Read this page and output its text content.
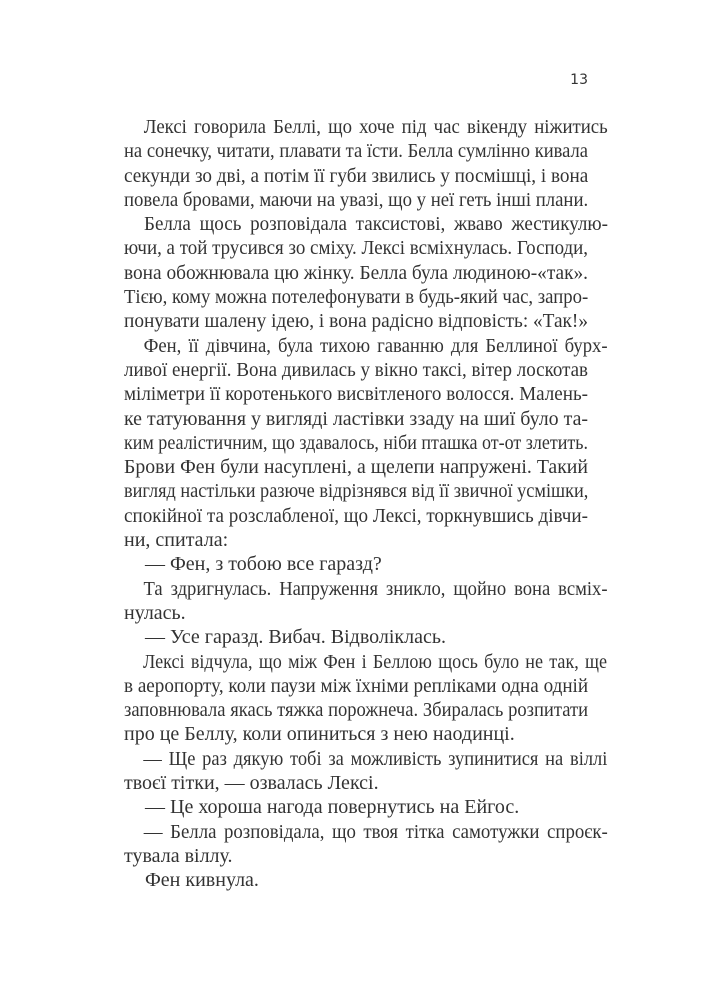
13
Лексі говорила Беллі, що хоче під час вікенду ніжитись
на сонечку, читати, плавати та їсти. Белла сумлінно кивала
секунди зо дві, а потім її губи звились у посмішці, і вона
повела бровами, маючи на увазі, що у неї геть інші плани.
Белла щось розповідала таксистові, жваво жестикулю-
ючи, а той трусився зо сміху. Лексі всміхнулась. Господи,
вона обожнювала цю жінку. Белла була людиною-«так».
Тією, кому можна потелефонувати в будь-який час, запро-
понувати шалену ідею, і вона радісно відповість: «Так!»
Фен, її дівчина, була тихою гаванню для Беллиної бурх-
ливої енергії. Вона дивилась у вікно таксі, вітер лоскотав
міліметри її коротенького висвітленого волосся. Малень-
ке татуювання у вигляді ластівки ззаду на шиї було та-
ким реалістичним, що здавалось, ніби пташка от-от злетить.
Брови Фен були насуплені, а щелепи напружені. Такий
вигляд настільки разюче відрізнявся від її звичної усмішки,
спокійної та розслабленої, що Лексі, торкнувшись дівчи-
ни, спитала:
— Фен, з тобою все гаразд?
Та здригнулась. Напруження зникло, щойно вона всміх-
нулась.
— Усе гаразд. Вибач. Відволіклась.
Лексі відчула, що між Фен і Беллою щось було не так, ще
в аеропорту, коли паузи між їхніми репліками одна одній
заповнювала якась тяжка порожнеча. Збиралась розпитати
про це Беллу, коли опиниться з нею наодинці.
— Ще раз дякую тобі за можливість зупинитися на віллі
твоєї тітки, — озвалась Лексі.
— Це хороша нагода повернутись на Ейгос.
— Белла розповідала, що твоя тітка самотужки спроєк-
тувала віллу.
Фен кивнула.
